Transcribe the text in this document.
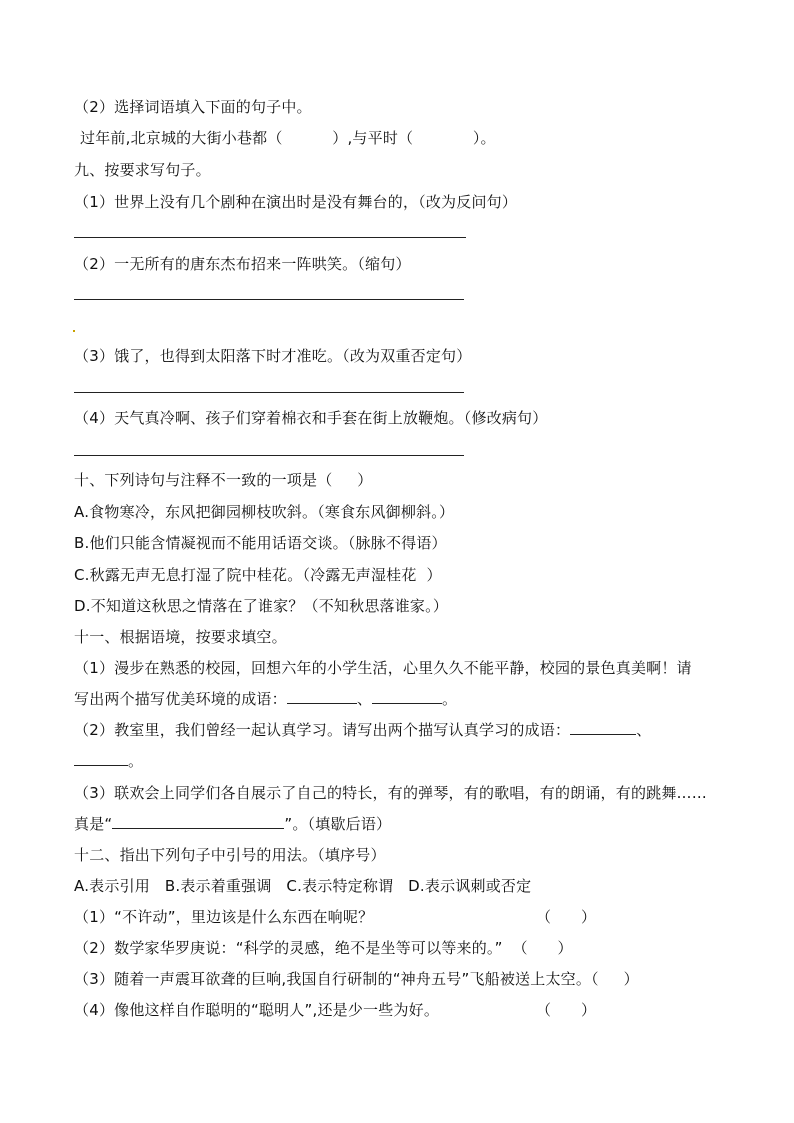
（2）选择词语填入下面的句子中。
过年前,北京城的大街小巷都（          ）,与平时（            ）。
九、按要求写句子。
（1）世界上没有几个剧种在演出时是没有舞台的，（改为反问句）
（2）一无所有的唐东杰布招来一阵哄笑。（缩句）
（3）饿了，也得到太阳落下时才准吃。（改为双重否定句）
（4）天气真冷啊、孩子们穿着棉衣和手套在街上放鞭炮。（修改病句）
十、下列诗句与注释不一致的一项是（     ）
A.食物寒冷，东风把御园柳枝吹斜。（寒食东风御柳斜。）
B.他们只能含情凝视而不能用话语交谈。（脉脉不得语）
C.秋露无声无息打湿了院中桂花。（冷露无声湿桂花  ）
D.不知道这秋思之情落在了谁家？（不知秋思落谁家。）
十一、根据语境，按要求填空。
（1）漫步在熟悉的校园，回想六年的小学生活，心里久久不能平静，校园的景色真美啊！请
写出两个描写优美环境的成语：	、	。
（2）教室里，我们曾经一起认真学习。请写出两个描写认真学习的成语：	、
。
（3）联欢会上同学们各自展示了自己的特长，有的弹琴，有的歌唱，有的朗诵，有的跳舞……
真是“	”。（填歇后语）
十二、指出下列句子中引号的用法。（填序号）
A.表示引用   B.表示着重强调   C.表示特定称谓   D.表示讽刺或否定
（1）“不许动”，里边该是什么东西在响呢？	（      ）
（2）数学家华罗庚说：“科学的灵感，绝不是坐等可以等来的。”  （      ）
（3）随着一声震耳欲聋的巨响,我国自行研制的“神舟五号”飞船被送上太空。（     ）
（4）像他这样自作聪明的“聪明人”,还是少一些为好。	（      ）
